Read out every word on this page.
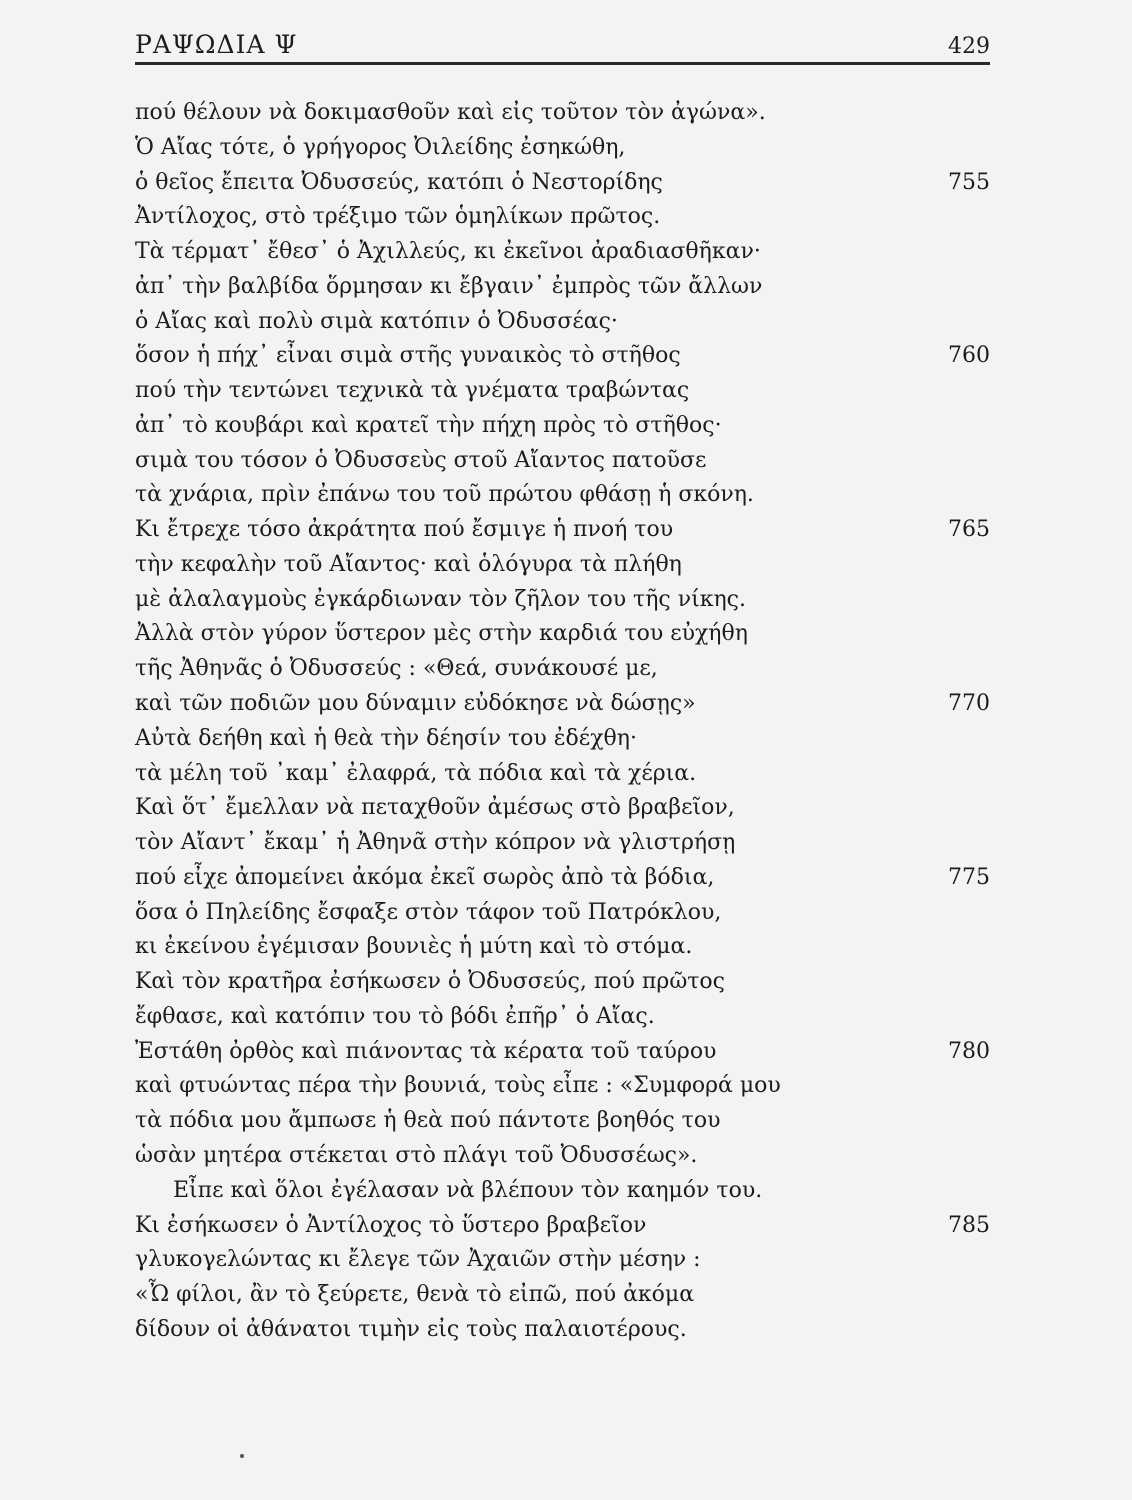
ΡΑΨΩΔΙΑ Ψ	429
πού θέλουν νὰ δοκιμασθοῦν καὶ εἰς τοῦτον τὸν ἀγώνα».
Ὁ Αἴας τότε, ὁ γρήγορος Ὀιλείδης ἐσηκώθη,
ὁ θεῖος ἔπειτα Ὀδυσσεύς, κατόπι ὁ Νεστορίδης	755
Ἀντίλοχος, στὸ τρέξιμο τῶν ὁμηλίκων πρῶτος.
Τὰ τέρματ᾽ ἔθεσ᾽ ὁ Ἀχιλλεύς, κι ἐκεῖνοι ἀραδιασθῆκαν·
ἀπ᾽ τὴν βαλβίδα ὅρμησαν κι ἔβγαιν᾽ ἐμπρὸς τῶν ἄλλων
ὁ Αἴας καὶ πολὺ σιμὰ κατόπιν ὁ Ὀδυσσέας·
ὅσον ἡ πήχ᾽ εἶναι σιμὰ στῆς γυναικὸς τὸ στῆθος	760
πού τὴν τεντώνει τεχνικὰ τὰ γνέματα τραβώντας
ἀπ᾽ τὸ κουβάρι καὶ κρατεῖ τὴν πήχη πρὸς τὸ στῆθος·
σιμὰ του τόσον ὁ Ὀδυσσεὺς στοῦ Αἴαντος πατοῦσε
τὰ χνάρια, πρὶν ἐπάνω του τοῦ πρώτου φθάσῃ ἡ σκόνη.
Κι ἔτρεχε τόσο ἀκράτητα πού ἔσμιγε ἡ πνοή του	765
τὴν κεφαλὴν τοῦ Αἴαντος· καὶ ὁλόγυρα τὰ πλήθη
μὲ ἀλαλαγμοὺς ἐγκάρδιωναν τὸν ζῆλον του τῆς νίκης.
Ἀλλὰ στὸν γύρον ὕστερον μὲς στὴν καρδιά του εὐχήθη
τῆς Ἀθηνᾶς ὁ Ὀδυσσεύς : «Θεά, συνάκουσέ με,
καὶ τῶν ποδιῶν μου δύναμιν εὐδόκησε νὰ δώσῃς»	770
Αὐτὰ δεήθη καὶ ἡ θεὰ τὴν δέησίν του ἐδέχθη·
τὰ μέλη τοῦ ᾽καμ᾽ ἐλαφρά, τὰ πόδια καὶ τὰ χέρια.
Καὶ ὅτ᾽ ἔμελλαν νὰ πεταχθοῦν ἀμέσως στὸ βραβεῖον,
τὸν Αἴαντ᾽ ἔκαμ᾽ ἡ Ἀθηνᾶ στὴν κόπρον νὰ γλιστρήσῃ
πού εἶχε ἀπομείνει ἀκόμα ἐκεῖ σωρὸς ἀπὸ τὰ βόδια,	775
ὅσα ὁ Πηλείδης ἔσφαξε στὸν τάφον τοῦ Πατρόκλου,
κι ἐκείνου ἐγέμισαν βουνιὲς ἡ μύτη καὶ τὸ στόμα.
Καὶ τὸν κρατῆρα ἐσήκωσεν ὁ Ὀδυσσεύς, πού πρῶτος
ἔφθασε, καὶ κατόπιν του τὸ βόδι ἐπῆρ᾽ ὁ Αἴας.
Ἐστάθη ὀρθὸς καὶ πιάνοντας τὰ κέρατα τοῦ ταύρου	780
καὶ φτυώντας πέρα τὴν βουνιά, τοὺς εἶπε : «Συμφορά μου
τὰ πόδια μου ἄμπωσε ἡ θεὰ πού πάντοτε βοηθός του
ὡσὰν μητέρα στέκεται στὸ πλάγι τοῦ Ὀδυσσέως».
Εἶπε καὶ ὅλοι ἐγέλασαν νὰ βλέπουν τὸν καημόν του.
Κι ἐσήκωσεν ὁ Ἀντίλοχος τὸ ὕστερο βραβεῖον	785
γλυκογελώντας κι ἔλεγε τῶν Ἀχαιῶν στὴν μέσην :
«Ὦ φίλοι, ἂν τὸ ξεύρετε, θενὰ τὸ εἰπῶ, πού ἀκόμα
δίδουν οἱ ἀθάνατοι τιμὴν εἰς τοὺς παλαιοτέρους.
